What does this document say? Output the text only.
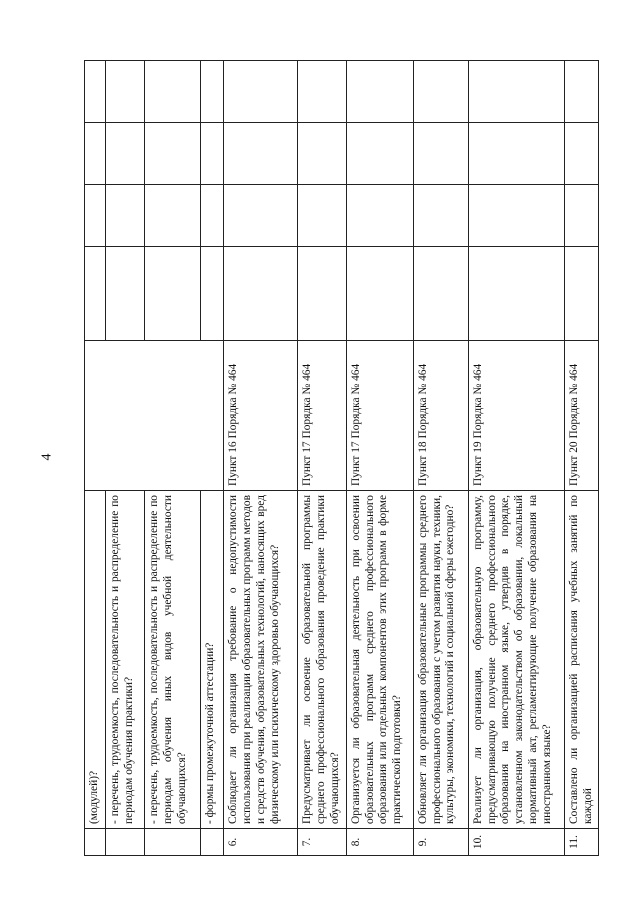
4
	(модулей)?					
	- перечень, трудоемкость, последовательность и распределение по периодам обучения практики?					
	- перечень, трудоемкость, последовательность и распределение по периодам обучения иных видов учебной деятельности обучающихся?					
	- формы промежуточной аттестации?					
6.	Соблюдает ли организация требование о недопустимости использования при реализации образовательных программ методов и средств обучения, образовательных технологий, наносящих вред физическому или психическому здоровью обучающихся?	Пункт 16 Порядка № 464				
7.	Предусматривает ли освоение образовательной программы среднего профессионального образования проведение практики обучающихся?	Пункт 17 Порядка № 464				
8.	Организуется ли образовательная деятельность при освоении образовательных программ среднего профессионального образования или отдельных компонентов этих программ в форме практической подготовки?	Пункт 17 Порядка № 464				
9.	Обновляет ли организация образовательные программы среднего профессионального образования с учетом развития науки, техники, культуры, экономики, технологий и социальной сферы ежегодно?	Пункт 18 Порядка № 464				
10.	Реализует ли организация, образовательную программу, предусматривающую получение среднего профессионального образования на иностранном языке, утвердив в порядке, установленном законодательством об образовании, локальный нормативный акт, регламентирующие получение образования на иностранном языке?	Пункт 19 Порядка № 464				
11.	Составлено ли организацией расписания учебных занятий по каждой	Пункт 20 Порядка № 464				
